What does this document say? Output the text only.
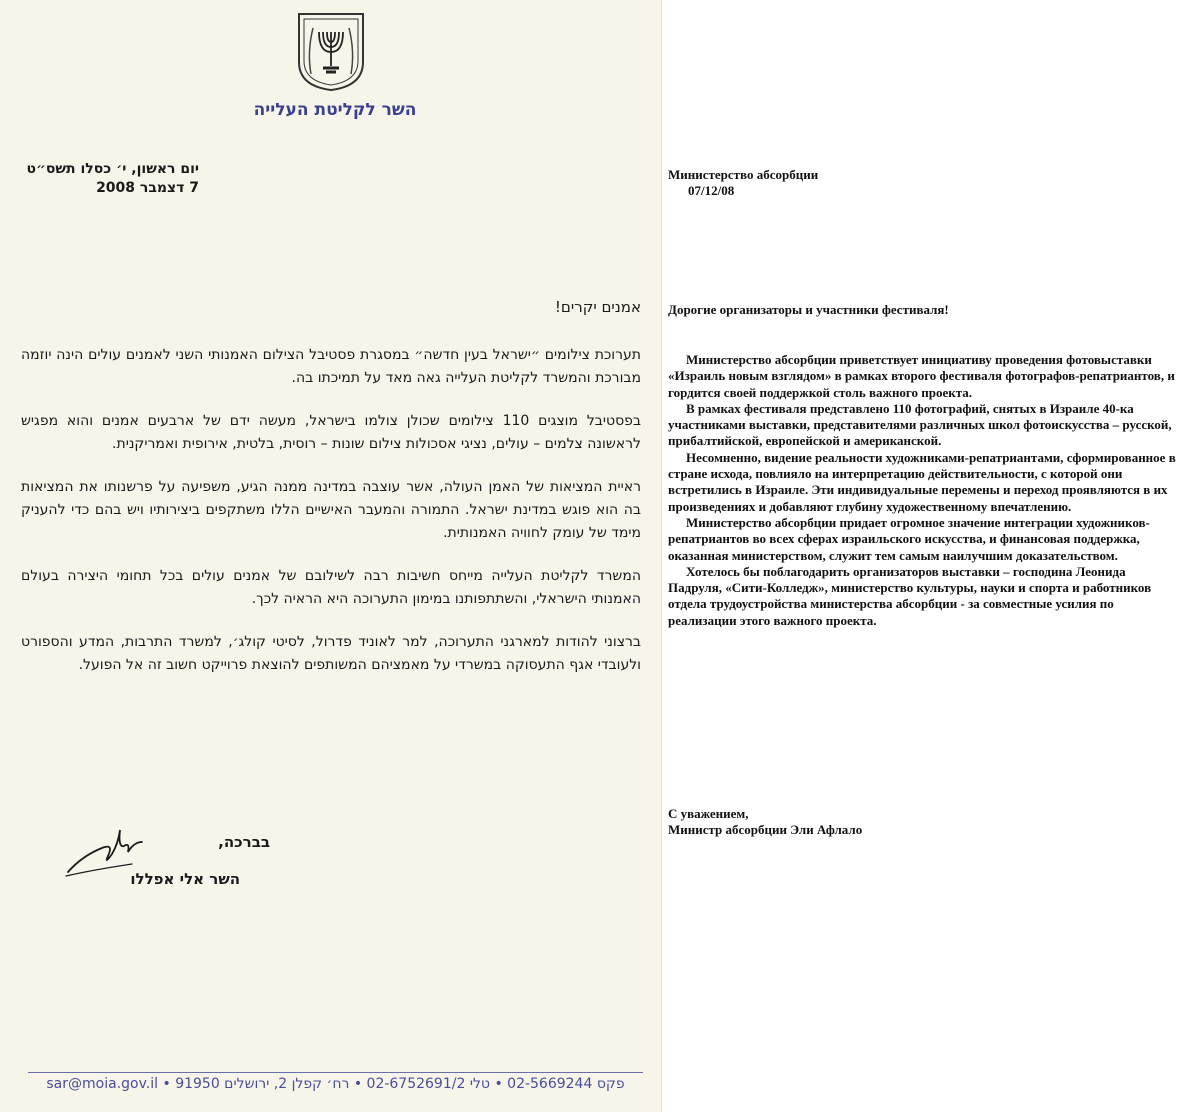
השר לקליטת העלייה
יום ראשון, י׳ כסלו תשס״ט
7 דצמבר 2008
אמנים יקרים!

תערוכת צילומים ״ישראל בעין חדשה״ במסגרת פסטיבל הצילום האמנותי השני לאמנים עולים הינה יוזמה מבורכת והמשרד לקליטת העלייה גאה מאד על תמיכתו בה.

בפסטיבל מוצגים 110 צילומים שכולן צולמו בישראל, מעשה ידם של ארבעים אמנים והוא מפגיש לראשונה צלמים – עולים, נציגי אסכולות צילום שונות – רוסית, בלטית, אירופית ואמריקנית.

ראיית המציאות של האמן העולה, אשר עוצבה במדינה ממנה הגיע, משפיעה על פרשנותו את המציאות בה הוא פוגש במדינת ישראל. התמורה והמעבר האישיים הללו משתקפים ביצירותיו ויש בהם כדי להעניק מימד של עומק לחוויה האמנותית.

המשרד לקליטת העלייה מייחס חשיבות רבה לשילובם של אמנים עולים בכל תחומי היצירה בעולם האמנותי הישראלי, והשתתפותנו במימון התערוכה היא הראיה לכך.

ברצוני להודות למארגני התערוכה, למר לאוניד פדרול, לסיטי קולג׳, למשרד התרבות, המדע והספורט ולעובדי אגף התעסוקה במשרדי על מאמציהם המשותפים להוצאת פרוייקט חשוב זה אל הפועל.

בברכה,
השר אלי אפללו
sar@moia.gov.il • פקס 02-5669244 • טלי 02-6752691/2 • רח׳ קפלן 2, ירושלים 91950
Министерство абсорбции
07/12/08
Дорогие организаторы и участники фестиваля!

Министерство абсорбции приветствует инициативу проведения фотовыставки «Израиль новым взглядом» в рамках второго фестиваля фотографов-репатриантов, и гордится своей поддержкой столь важного проекта.

В рамках фестиваля представлено 110 фотографий, снятых в Израиле 40-ка участниками выставки, представителями различных школ фотоискусства – русской, прибалтийской, европейской и американской.

Несомненно, видение реальности художниками-репатриантами, сформированное в стране исхода, повлияло на интерпретацию действительности, с которой они встретились в Израиле. Эти индивидуальные перемены и переход проявляются в их произведениях и добавляют глубину художественному впечатлению.

Министерство абсорбции придает огромное значение интеграции художников-репатриантов во всех сферах израильского искусства, и финансовая поддержка, оказанная министерством, служит тем самым наилучшим доказательством.

Хотелось бы поблагодарить организаторов выставки – господина Леонида Падруля, «Сити-Колледж», министерство культуры, науки и спорта и работников отдела трудоустройства министерства абсорбции - за совместные усилия по реализации этого важного проекта.

С уважением,
Министр абсорбции Эли Афлало
